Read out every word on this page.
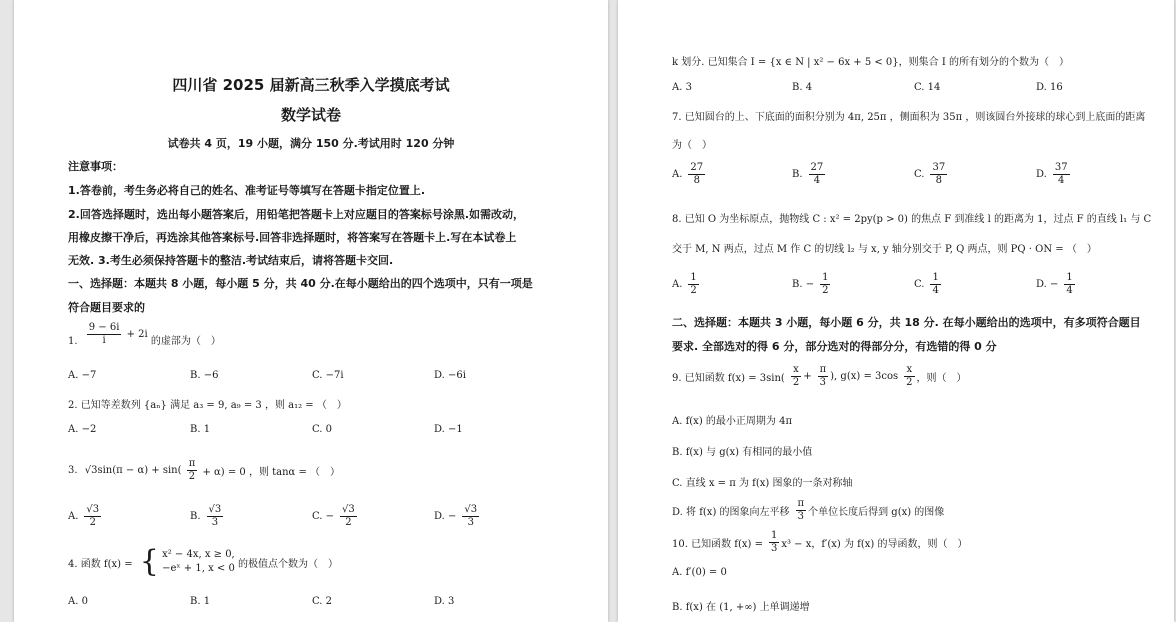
四川省 2025 届新高三秋季入学摸底考试
数学试卷
试卷共 4 页，19 小题，满分 150 分.考试用时 120 分钟
注意事项：
1.答卷前，考生务必将自己的姓名、准考证号等填写在答题卡指定位置上.
2.回答选择题时，选出每小题答案后，用铅笔把答题卡上对应题目的答案标号涂黑.如需改动，
用橡皮擦干净后，再选涂其他答案标号.回答非选择题时，将答案写在答题卡上.写在本试卷上
无效. 3.考生必须保持答题卡的整洁.考试结束后，请将答题卡交回.
一、选择题：本题共 8 小题，每小题 5 分，共 40 分.在每小题给出的四个选项中，只有一项是
符合题目要求的
1. $\frac{9 - 6i}{i} + 2i$ 的虚部为（　）
A. −7	B. −6	C. −7i	D. −6i
2. 已知等差数列 {aₙ} 满足 a₃ = 9, a₉ = 3 ，则 a₁₂ = （　）
A. −2	B. 1	C. 0	D. −1
3. $√3\sin(\pi - \alpha) + \sin( \frac{\pi}{2} + \alpha) = 0$ ，则 tanα = （　）
A. $\frac{√3}{2}$	B. $\frac{√3}{3}$	C. − $\frac{√3}{2}$	D. − $\frac{√3}{3}$
4. 函数 f(x) = { x² − 4x, x ≥ 0,
−eˣ + 1, x < 0 的极值点个数为（　）
A. 0	B. 1	C. 2	D. 3
k 划分. 已知集合 I = {x ∈ N | x² − 6x + 5 < 0}，则集合 I 的所有划分的个数为（　）
A. 3	B. 4	C. 14	D. 16
7. 已知圆台的上、下底面的面积分别为 4π, 25π ，侧面积为 35π ，则该圆台外接球的球心到上底面的距离
为（　）
A. $\frac{27}{8}$	B. $\frac{27}{4}$	C. $\frac{37}{8}$	D. $\frac{37}{4}$
8. 已知 O 为坐标原点，抛物线 C : x² = 2py(p > 0) 的焦点 F 到准线 l 的距离为 1，过点 F 的直线 l₁ 与 C
交于 M, N 两点，过点 M 作 C 的切线 l₂ 与 x, y 轴分别交于 P, Q 两点，则 PQ · ON = （　）
A. $\frac{1}{2}$	B. − $\frac{1}{2}$	C. $\frac{1}{4}$	D. − $\frac{1}{4}$
二、选择题：本题共 3 小题，每小题 6 分，共 18 分. 在每小题给出的选项中，有多项符合题目
要求. 全部选对的得 6 分，部分选对的得部分分，有选错的得 0 分
9. 已知函数 $f(x) = 3\sin( \frac{x}{2} + \frac{\pi}{3}$ ), $g(x) = 3\cos \frac{x}{2}$ ，则（　）
A. f(x) 的最小正周期为 4π
B. f(x) 与 g(x) 有相同的最小值
C. 直线 x = π 为 f(x) 图象的一条对称轴
D. 将 f(x) 的图象向左平移 $\frac{\pi}{3}$ 个单位长度后得到 g(x) 的图像
10. 已知函数 $f(x) = \frac{1}{3} x^3 - x$，f′(x) 为 f(x) 的导函数，则（　）
A. f′(0) = 0
B. f(x) 在 (1, +∞) 上单调递增
